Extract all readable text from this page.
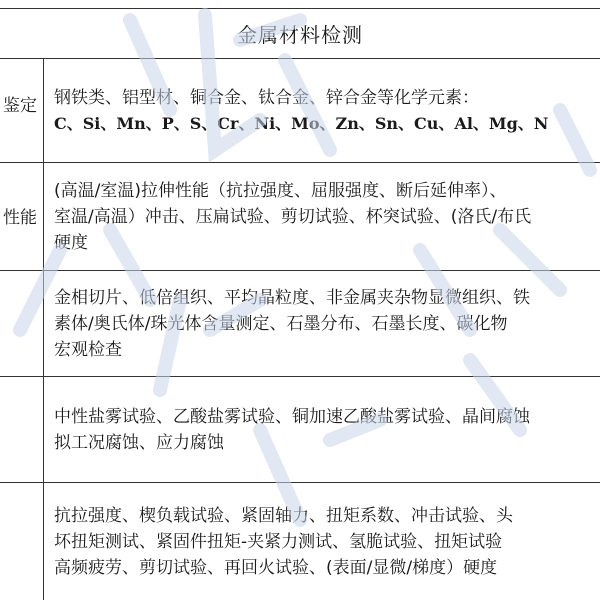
金属材料检测
鉴定 钢铁类、铝型材、铜合金、钛合金、锌合金等化学元素：
C、Si、Mn、P、S、Cr、Ni、Mo、Zn、Sn、Cu、Al、Mg、N
性能
(高温/室温)拉伸性能（抗拉强度、屈服强度、断后延伸率）、
室温/高温）冲击、压扁试验、剪切试验、杯突试验、(洛氏/布氏
硬度
金相切片、低倍组织、平均晶粒度、非金属夹杂物显微组织、铁
素体/奥氏体/珠光体含量测定、石墨分布、石墨长度、碳化物
宏观检查
中性盐雾试验、乙酸盐雾试验、铜加速乙酸盐雾试验、晶间腐蚀
拟工况腐蚀、应力腐蚀
抗拉强度、楔负载试验、紧固轴力、扭矩系数、冲击试验、头
坏扭矩测试、紧固件扭矩-夹紧力测试、氢脆试验、扭矩试验
高频疲劳、剪切试验、再回火试验、(表面/显微/梯度）硬度
